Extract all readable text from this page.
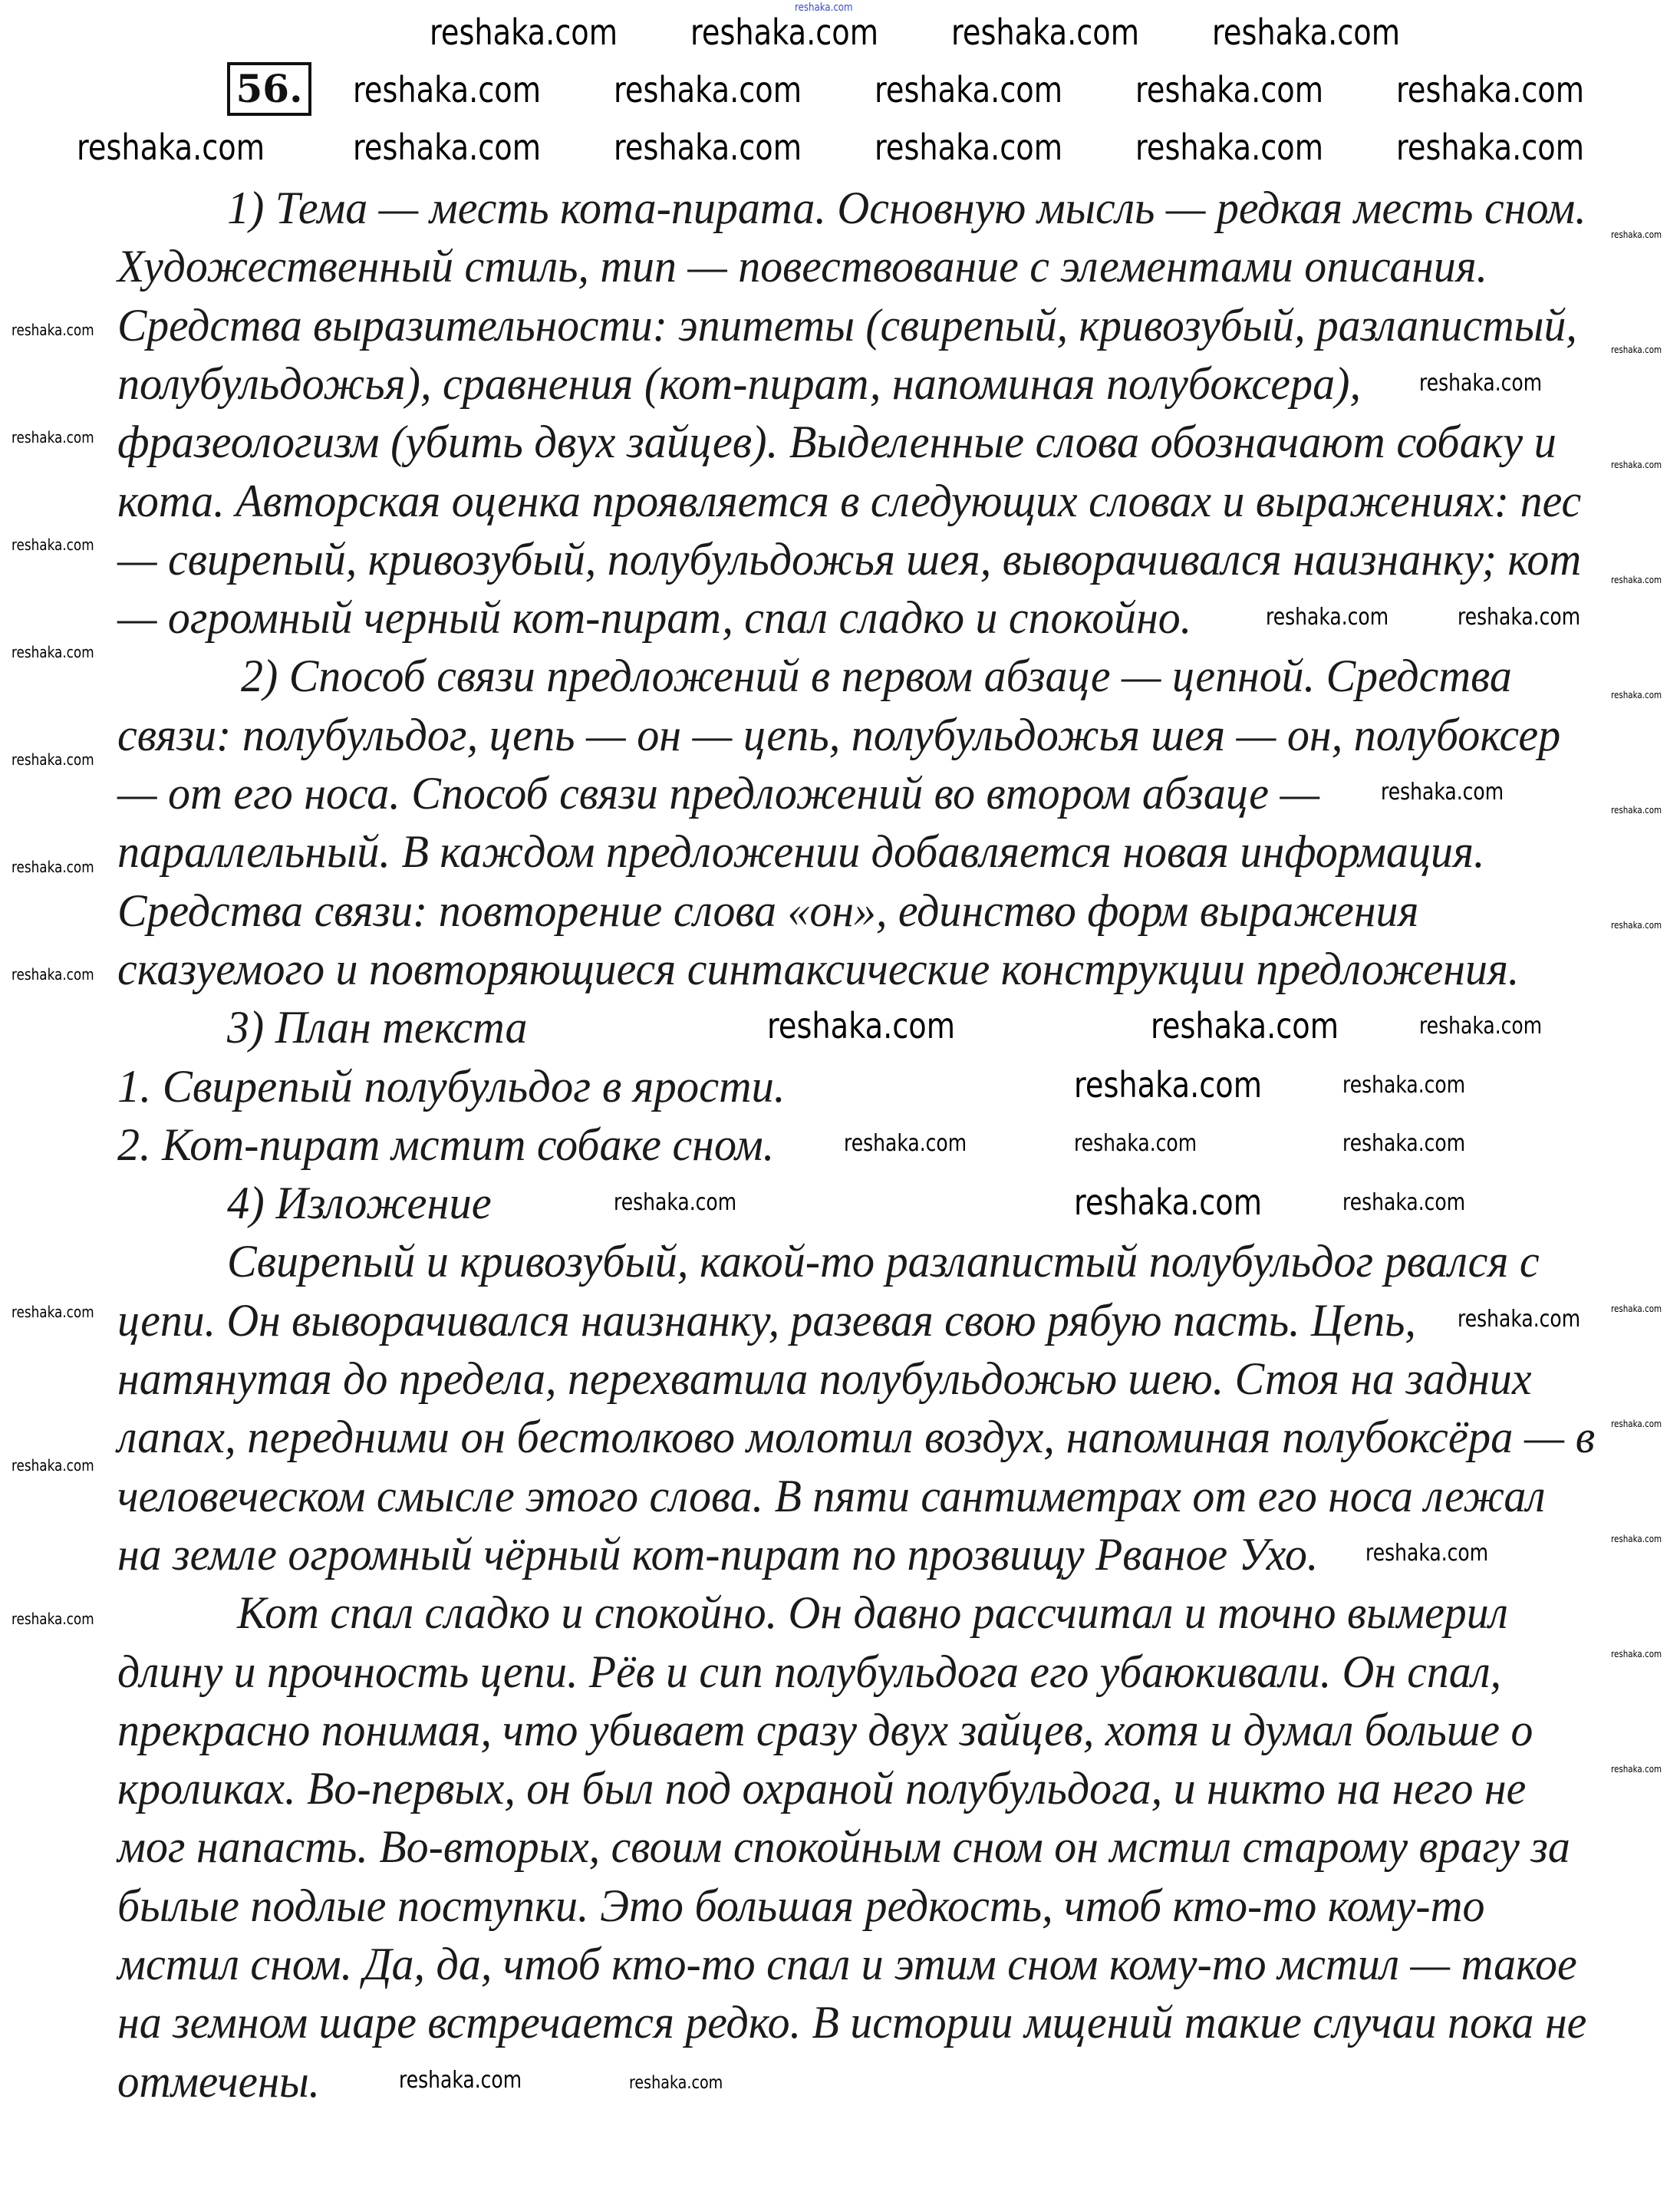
56.
1) Тема — месть кота-пирата. Основную мысль — редкая месть сном.
Художественный стиль, тип — повествование с элементами описания.
Средства выразительности: эпитеты (свирепый, кривозубый, разлапистый,
полубульдожья), сравнения (кот-пират, напоминая полубоксера),
фразеологизм (убить двух зайцев). Выделенные слова обозначают собаку и
кота. Авторская оценка проявляется в следующих словах и выражениях: пес
— свирепый, кривозубый, полубульдожья шея, выворачивался наизнанку; кот
— огромный черный кот-пират, спал сладко и спокойно.
2) Способ связи предложений в первом абзаце — цепной. Средства
связи: полубульдог, цепь — он — цепь, полубульдожья шея — он, полубоксер
— от его носа. Способ связи предложений во втором абзаце —
параллельный. В каждом предложении добавляется новая информация.
Средства связи: повторение слова «он», единство форм выражения
сказуемого и повторяющиеся синтаксические конструкции предложения.
3) План текста
1. Свирепый полубульдог в ярости.
2. Кот-пират мстит собаке сном.
4) Изложение
Свирепый и кривозубый, какой-то разлапистый полубульдог рвался с
цепи. Он выворачивался наизнанку, разевая свою рябую пасть. Цепь,
натянутая до предела, перехватила полубульдожью шею. Стоя на задних
лапах, передними он бестолково молотил воздух, напоминая полубоксёра — в
человеческом смысле этого слова. В пяти сантиметрах от его носа лежал
на земле огромный чёрный кот-пират по прозвищу Рваное Ухо.
Кот спал сладко и спокойно. Он давно рассчитал и точно вымерил
длину и прочность цепи. Рёв и сип полубульдога его убаюкивали. Он спал,
прекрасно понимая, что убивает сразу двух зайцев, хотя и думал больше о
кроликах. Во-первых, он был под охраной полубульдога, и никто на него не
мог напасть. Во-вторых, своим спокойным сном он мстил старому врагу за
былые подлые поступки. Это большая редкость, чтоб кто-то кому-то
мстил сном. Да, да, чтоб кто-то спал и этим сном кому-то мстил — такое
на земном шаре встречается редко. В истории мщений такие случаи пока не
отмечены.
reshaka.com reshaka.com reshaka.com reshaka.com
reshaka.com reshaka.com reshaka.com reshaka.com reshaka.com
reshaka.com reshaka.com reshaka.com reshaka.com reshaka.com reshaka.com
reshaka.com	reshaka.com
reshaka.com
reshaka.com
reshaka.com	reshaka.com	reshaka.com
reshaka.com
reshaka.com
reshaka.com	reshaka.com
reshaka.com	reshaka.com
reshaka.com
reshaka.com
reshaka.com
reshaka.com
reshaka.com	reshaka.com
reshaka.com
reshaka.com
reshaka.com
reshaka.com
reshaka.com
reshaka.com
reshaka.com
reshaka.com
reshaka.com
reshaka.com
reshaka.com
reshaka.com
reshaka.com
reshaka.com
reshaka.com
reshaka.com
reshaka.com
reshaka.com
reshaka.com
reshaka.com
reshaka.com
reshaka.com
reshaka.com
